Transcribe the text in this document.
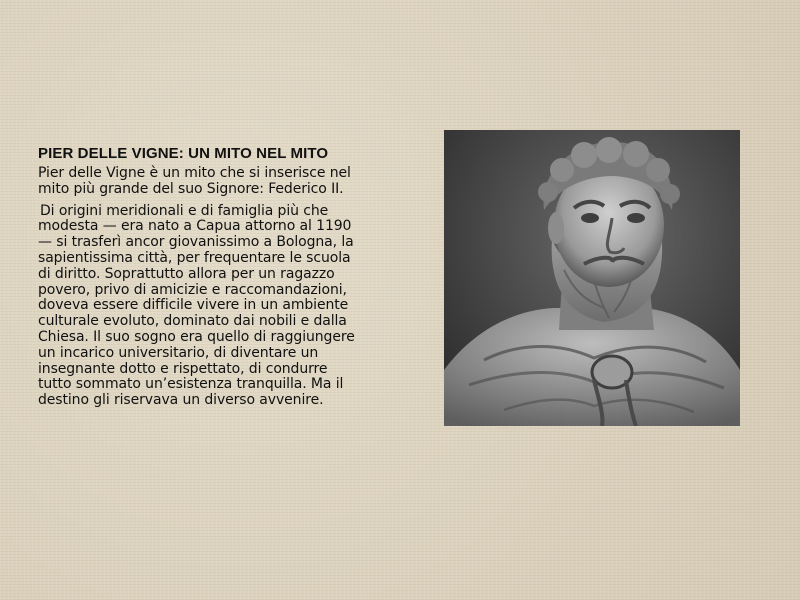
PIER DELLE VIGNE: UN MITO NEL MITO

Pier delle Vigne è un mito che si inserisce nel mito più grande del suo Signore: Federico II.

Di origini meridionali e di famiglia più che modesta — era nato a Capua attorno al 1190 — si trasferì ancor giovanissimo a Bologna, la sapientissima città, per frequentare le scuola di diritto. Soprattutto allora per un ragazzo povero, privo di amicizie e raccomandazioni, doveva essere difficile vivere in un ambiente culturale evoluto, dominato dai nobili e dalla Chiesa. Il suo sogno era quello di raggiungere un incarico universitario, di diventare un insegnante dotto e rispettato, di condurre tutto sommato un’esistenza tranquilla. Ma il destino gli riservava un diverso avvenire.
